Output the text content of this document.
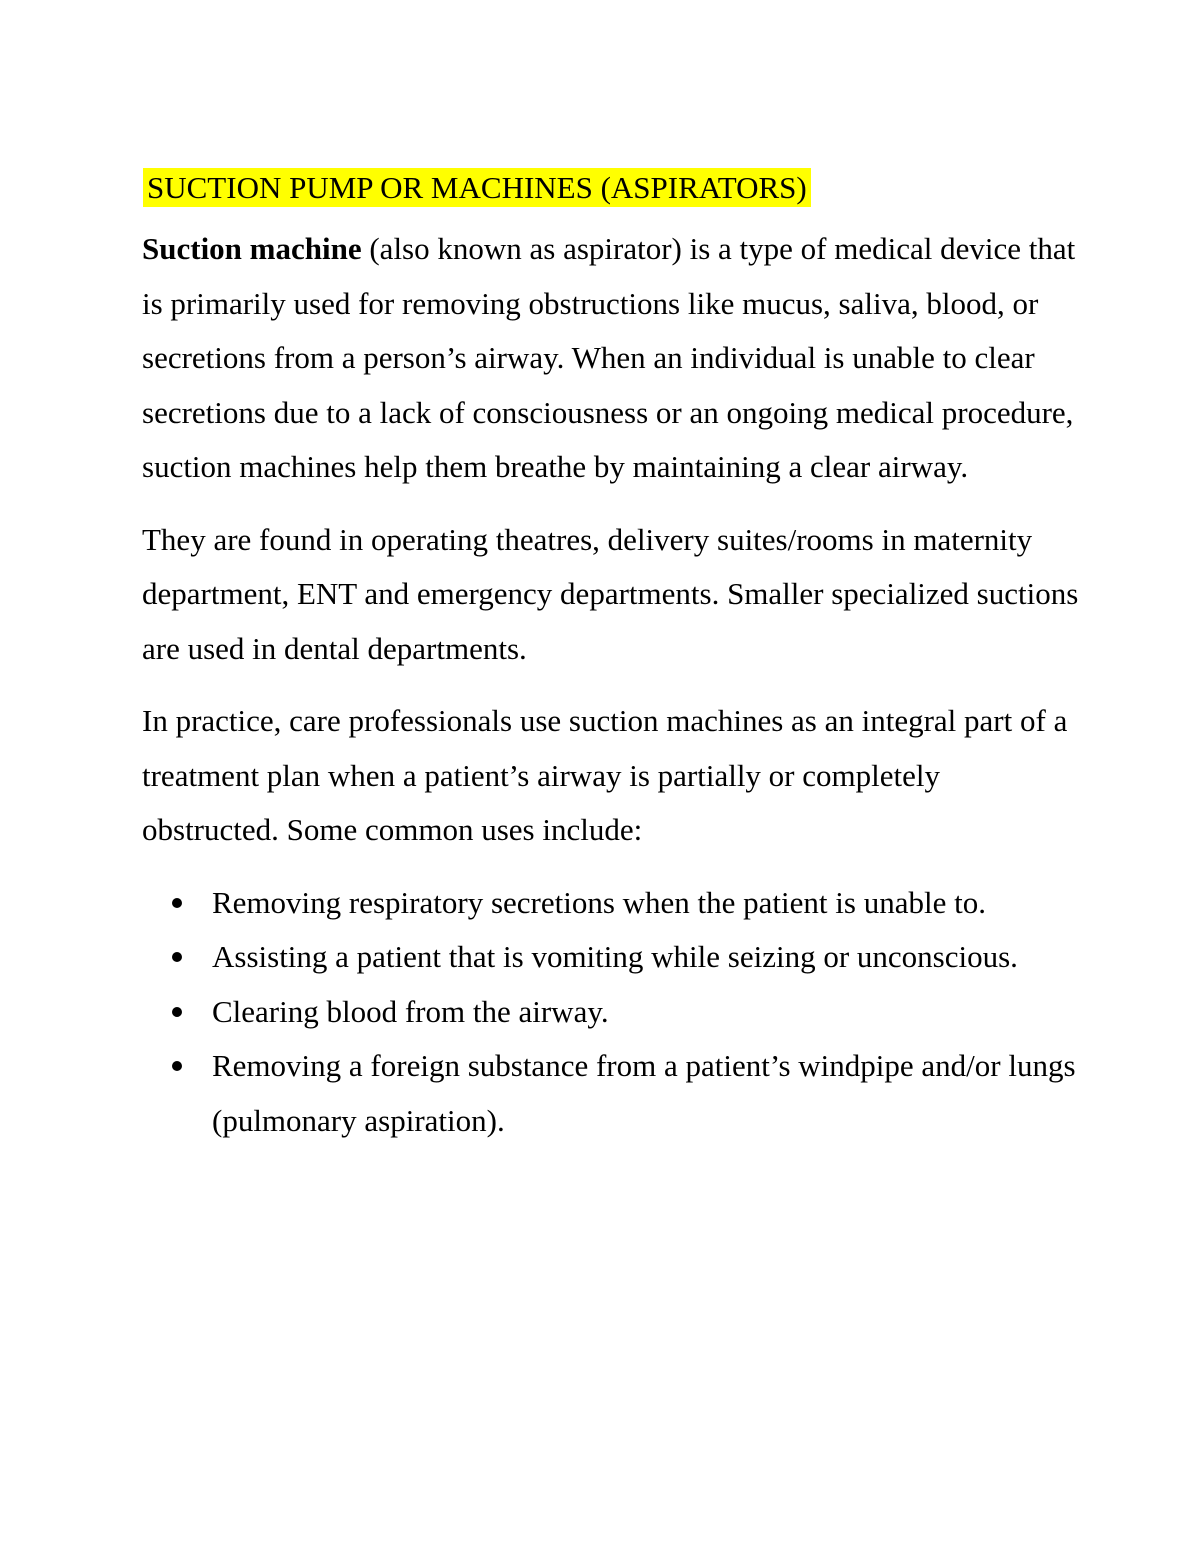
SUCTION PUMP OR MACHINES (ASPIRATORS)

Suction machine (also known as aspirator) is a type of medical device that is primarily used for removing obstructions like mucus, saliva, blood, or secretions from a person’s airway. When an individual is unable to clear secretions due to a lack of consciousness or an ongoing medical procedure, suction machines help them breathe by maintaining a clear airway.

They are found in operating theatres, delivery suites/rooms in maternity department, ENT and emergency departments. Smaller specialized suctions are used in dental departments.

In practice, care professionals use suction machines as an integral part of a treatment plan when a patient’s airway is partially or completely obstructed. Some common uses include:

Removing respiratory secretions when the patient is unable to.
Assisting a patient that is vomiting while seizing or unconscious.
Clearing blood from the airway.
Removing a foreign substance from a patient’s windpipe and/or lungs (pulmonary aspiration).
